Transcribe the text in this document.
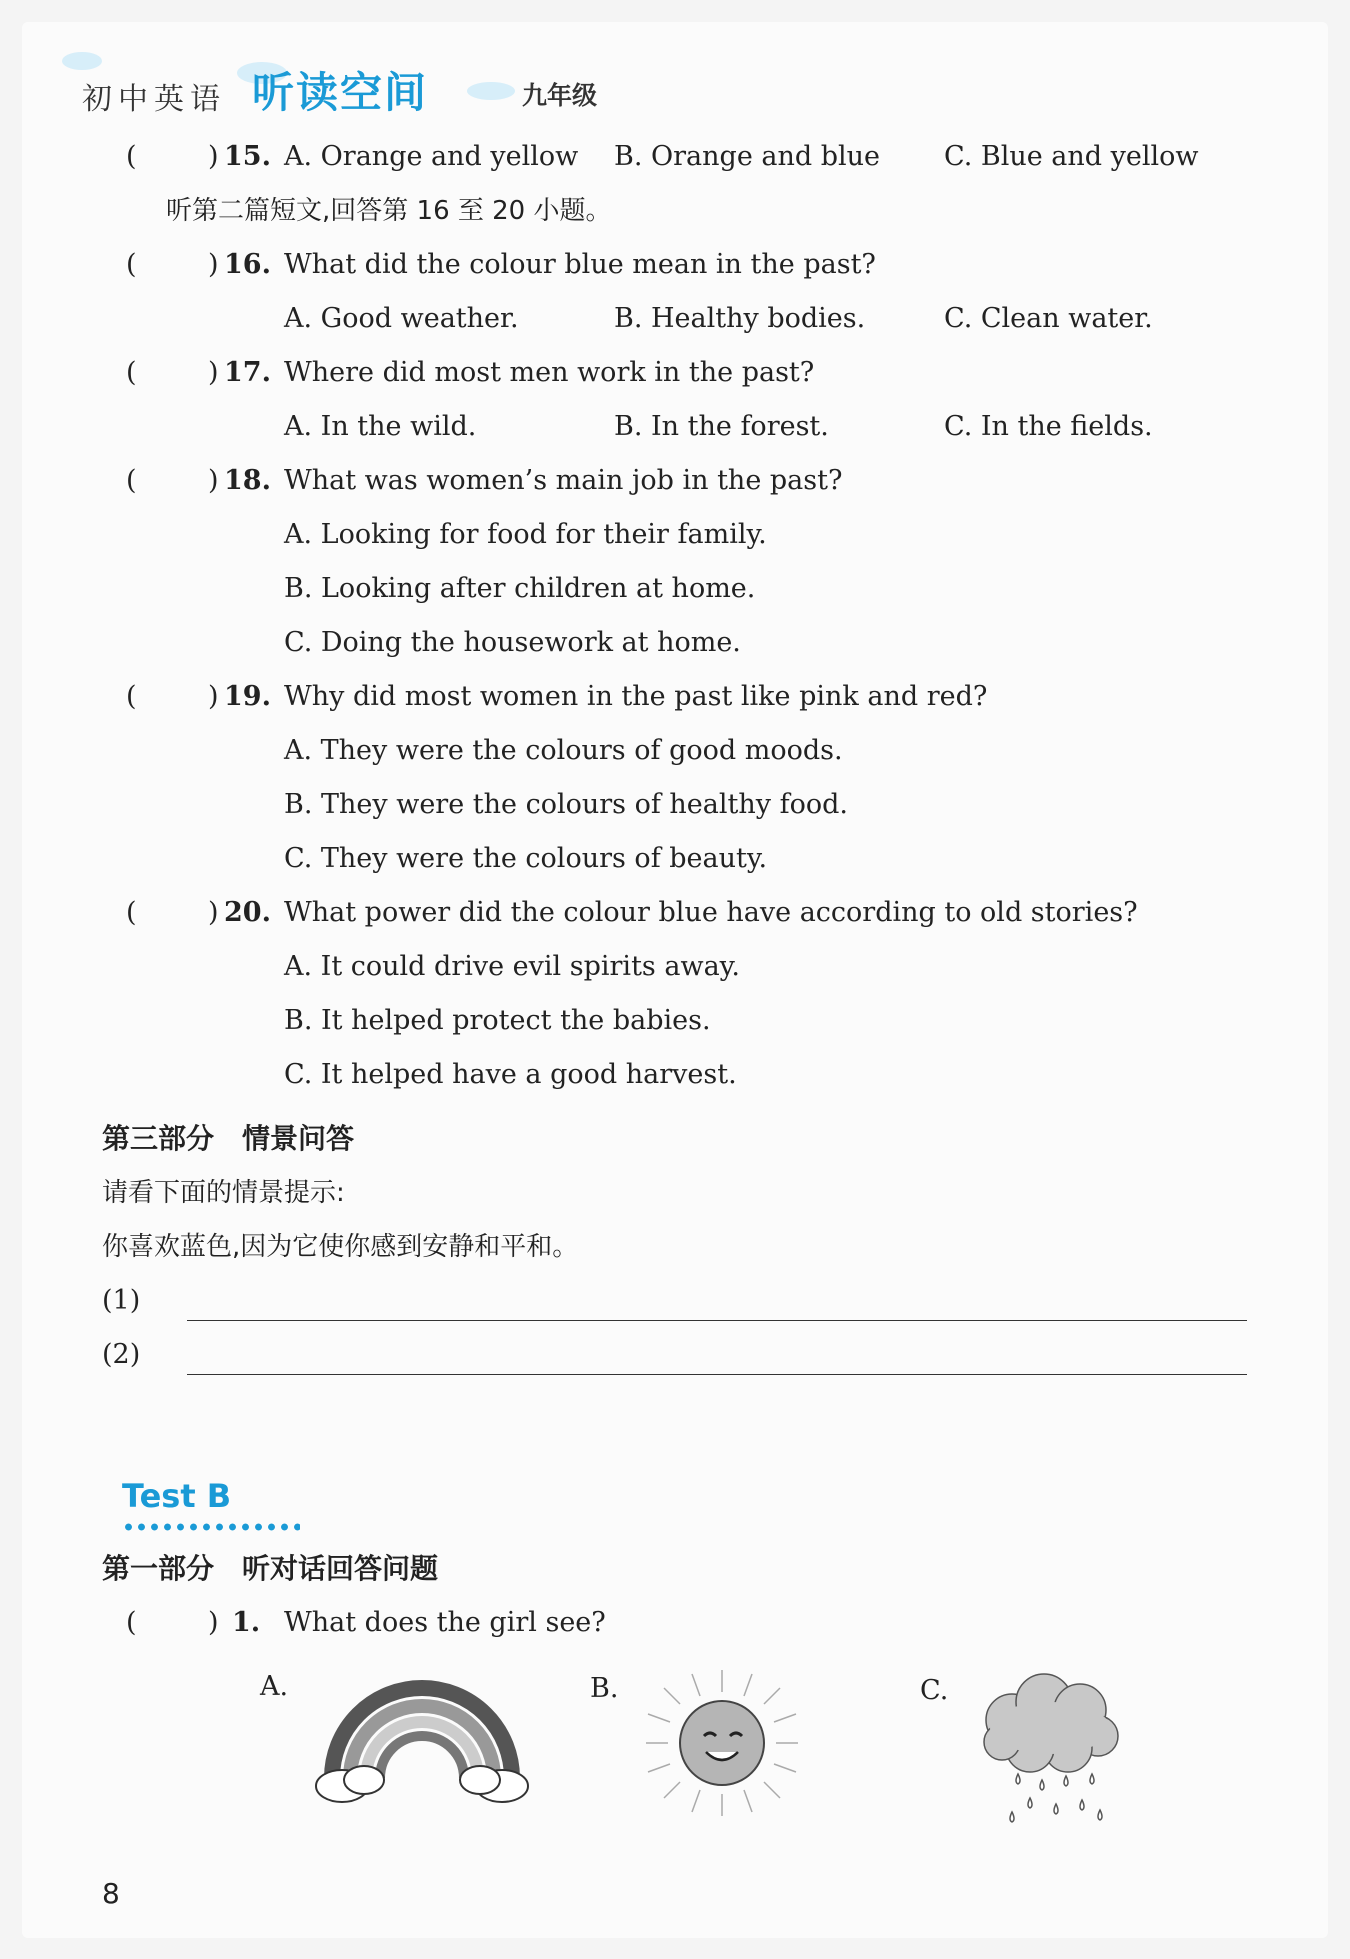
初中英语 听读空间	九年级
(	) 15. A. Orange and yellow B. Orange and blue C. Blue and yellow
听第二篇短文,回答第 16 至 20 小题。
(	) 16. What did the colour blue mean in the past?
A. Good weather.	B. Healthy bodies.	C. Clean water.
(	) 17. Where did most men work in the past?
A. In the wild.	B. In the forest.	C. In the fields.
(	) 18. What was women’s main job in the past?
A. Looking for food for their family.
B. Looking after children at home.
C. Doing the housework at home.
(	) 19. Why did most women in the past like pink and red?
A. They were the colours of good moods.
B. They were the colours of healthy food.
C. They were the colours of beauty.
(	) 20. What power did the colour blue have according to old stories?
A. It could drive evil spirits away.
B. It helped protect the babies.
C. It helped have a good harvest.
第三部分　情景问答
请看下面的情景提示:
你喜欢蓝色,因为它使你感到安静和平和。
(1)
(2)
Test B
第一部分　听对话回答问题
(	) 1. What does the girl see?
A.	B.	C.
8
